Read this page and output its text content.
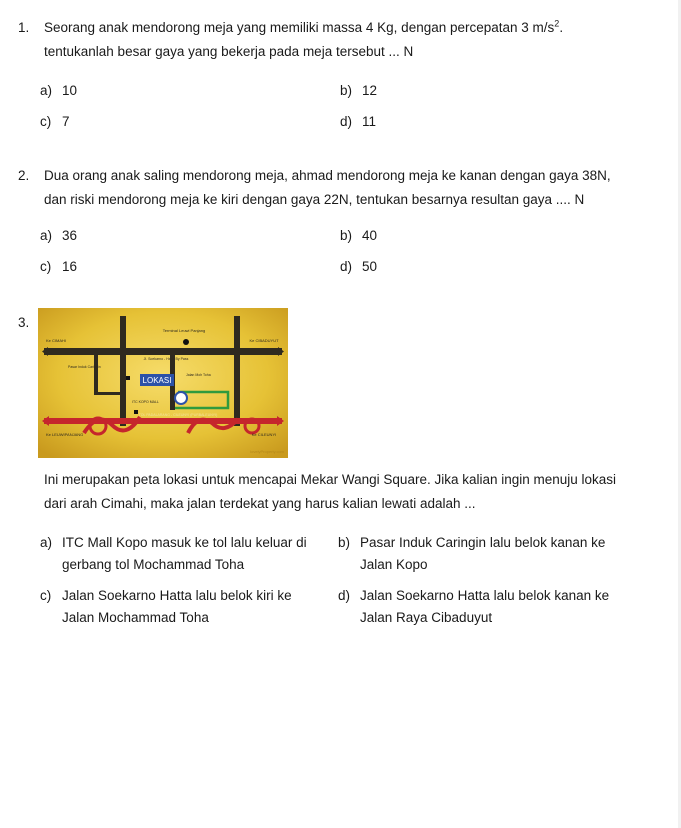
1. Seorang anak mendorong meja yang memiliki massa 4 Kg, dengan percepatan 3 $m/s^2$. tentukanlah besar gaya yang bekerja pada meja tersebut ... N
a) 10	b) 12
c) 7	d) 11
2. Dua orang anak saling mendorong meja, ahmad mendorong meja ke kanan dengan gaya 38N, dan riski mendorong meja ke kiri dengan gaya 22N, tentukan besarnya resultan gaya .... N
a) 36	b) 40
c) 16	d) 50
3.
LOKASI
Terminal Leuwi Panjang
Ke CIMAHI	Ke CIBADUYUT
Jl. Soekarno - Hatta By Pass
Pasar Induk Caringin
ITC KOPO MALL
Jalan Moh Toha
TOL PADALARANG - CILEUNYI (PURBALEUNYI)
Ke LEUWIPANJANG	Ke CILEUNYI
lovelyProperty.com
Ini merupakan peta lokasi untuk mencapai Mekar Wangi Square. Jika kalian ingin menuju lokasi dari arah Cimahi, maka jalan terdekat yang harus kalian lewati adalah ...
a) ITC Mall Kopo masuk ke tol lalu keluar di gerbang tol Mochammad Toha
b) Pasar Induk Caringin lalu belok kanan ke Jalan Kopo
c) Jalan Soekarno Hatta lalu belok kiri ke Jalan Mochammad Toha
d) Jalan Soekarno Hatta lalu belok kanan ke Jalan Raya Cibaduyut
